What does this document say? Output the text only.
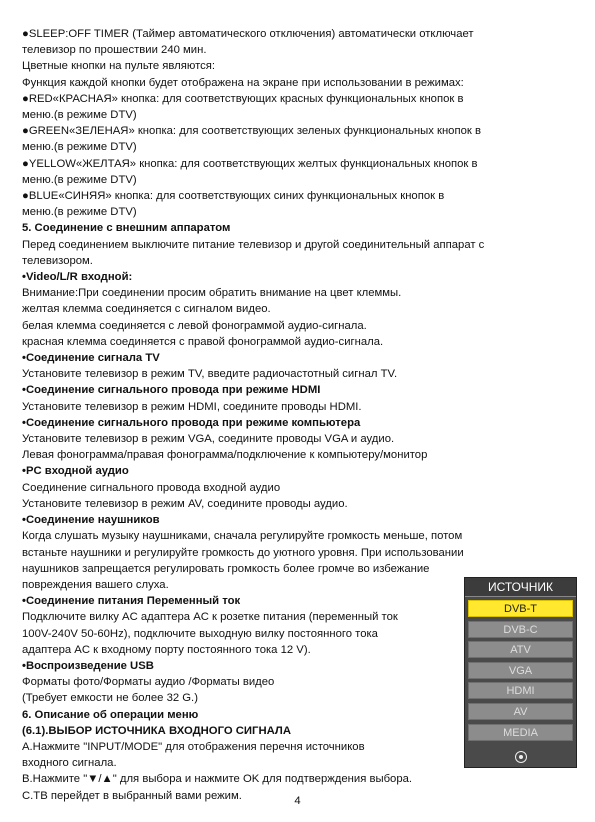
●SLEEP:OFF TIMER (Таймер автоматического отключения) автоматически отключает
телевизор по прошествии 240 мин.
Цветные кнопки на пульте являются:
Функция каждой кнопки будет отображена на экране при использовании в режимах:
●RED«КРАСНАЯ» кнопка: для соответствующих красных функциональных кнопок в
меню.(в режиме DTV)
●GREEN«ЗЕЛЕНАЯ» кнопка: для соответствующих зеленых функциональных кнопок в
меню.(в режиме DTV)
●YELLOW«ЖЕЛТАЯ» кнопка: для соответствующих желтых функциональных кнопок в
меню.(в режиме DTV)
●BLUE«СИНЯЯ» кнопка: для соответствующих синих функциональных кнопок в
меню.(в режиме DTV)
5. Соединение с внешним аппаратом
Перед соединением выключите питание телевизор и другой соединительный аппарат с
телевизором.
•Video/L/R входной:
Внимание:При соединении просим обратить внимание на цвет клеммы.
желтая клемма соединяется с сигналом видео.
белая клемма соединяется с левой фонограммой аудио-сигнала.
красная клемма соединяется с правой фонограммой аудио-сигнала.
•Соединение сигнала TV
Установите телевизор в режим TV, введите радиочастотный сигнал TV.
•Соединение сигнального провода при режиме HDMI
Установите телевизор в режим HDMI, соедините проводы HDMI.
•Соединение сигнального провода при режиме компьютера
Установите телевизор в режим VGA, соедините проводы VGA и аудио.
Левая фонограмма/правая фонограмма/подключение к компьютеру/монитор
•PC входной аудио
Соединение сигнального провода входной аудио
Установите телевизор в режим AV, соедините проводы аудио.
•Соединение наушников
Когда слушать музыку наушниками, сначала регулируйте громкость меньше, потом
встаньте наушники и регулируйте громкость до уютного уровня. При использовании
наушников запрещается регулировать громкость более громче во избежание
повреждения вашего слуха.
•Соединение питания Переменный ток
Подключите вилку AC адаптера AC к розетке питания (переменный ток
100V-240V 50-60Hz), подключите выходную вилку постоянного тока
адаптера AC к входному порту постоянного тока 12 V).
•Воспроизведение USB
Форматы фото/Форматы аудио /Форматы видео
(Требует емкости не более 32 G.)
6. Описание об операции меню
(6.1).ВЫБОР ИСТОЧНИКА ВХОДНОГО СИГНАЛА
A.Нажмите "INPUT/MODE" для отображения перечня источников
входного сигнала.
B.Нажмите "▼/▲" для выбора и нажмите OK для подтверждения выбора.
C.ТВ перейдет в выбранный вами режим.	4
ИСТОЧНИК
DVB-T
DVB-C
ATV
VGA
HDMI
AV
MEDIA
